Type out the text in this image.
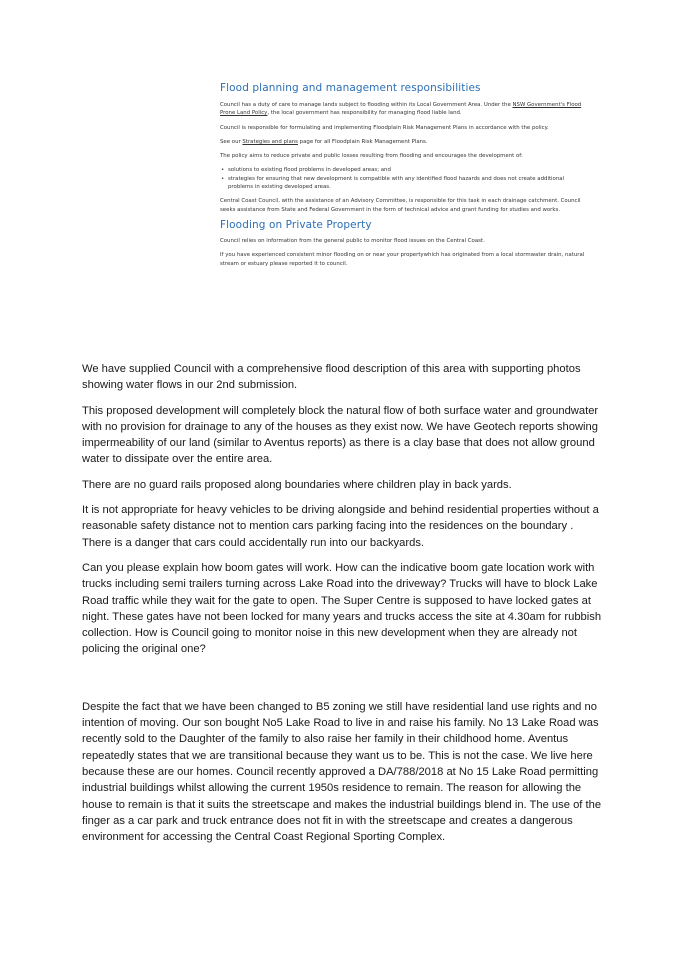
Flood planning and management responsibilities

Council has a duty of care to manage lands subject to flooding within its Local Government Area. Under the NSW Government's Flood Prone Land Policy, the local government has responsibility for managing flood liable land.

Council is responsible for formulating and implementing Floodplain Risk Management Plans in accordance with the policy.

See our Strategies and plans page for all Floodplain Risk Management Plans.

The policy aims to reduce private and public losses resulting from flooding and encourages the development of:

• solutions to existing flood problems in developed areas; and
• strategies for ensuring that new development is compatible with any identified flood hazards and does not create additional problems in existing developed areas.

Central Coast Council, with the assistance of an Advisory Committee, is responsible for this task in each drainage catchment. Council seeks assistance from State and Federal Government in the form of technical advice and grant funding for studies and works.

Flooding on Private Property

Council relies on information from the general public to monitor flood issues on the Central Coast.

If you have experienced consistent minor flooding on or near your propertywhich has originated from a local stormwater drain, natural stream or estuary please reported it to council.

We have supplied Council with a comprehensive flood description of this area with supporting photos showing water flows in our 2nd submission.

This proposed development will completely block the natural flow of both surface water and groundwater with no provision for drainage to any of the houses as they exist now. We have Geotech reports showing impermeability of our land (similar to Aventus reports) as there is a clay base that does not allow ground water to dissipate over the entire area.

There are no guard rails proposed along boundaries where children play in back yards.

It is not appropriate for heavy vehicles to be driving alongside and behind residential properties without a reasonable safety distance not to mention cars parking facing into the residences on the boundary . There is a danger that cars could accidentally run into our backyards.

Can you please explain how boom gates will work. How can the indicative boom gate location work with trucks including semi trailers turning across Lake Road into the driveway? Trucks will have to block Lake Road traffic while they wait for the gate to open. The Super Centre is supposed to have locked gates at night. These gates have not been locked for many years and trucks access the site at 4.30am for rubbish collection. How is Council going to monitor noise in this new development when they are already not policing the original one?

Despite the fact that we have been changed to B5 zoning we still have residential land use rights and no intention of moving. Our son bought No5 Lake Road to live in and raise his family. No 13 Lake Road was recently sold to the Daughter of the family to also raise her family in their childhood home. Aventus repeatedly states that we are transitional because they want us to be. This is not the case. We live here because these are our homes. Council recently approved a DA/788/2018 at No 15 Lake Road permitting industrial buildings whilst allowing the current 1950s residence to remain. The reason for allowing the house to remain is that it suits the streetscape and makes the industrial buildings blend in. The use of the finger as a car park and truck entrance does not fit in with the streetscape and creates a dangerous environment for accessing the Central Coast Regional Sporting Complex.
